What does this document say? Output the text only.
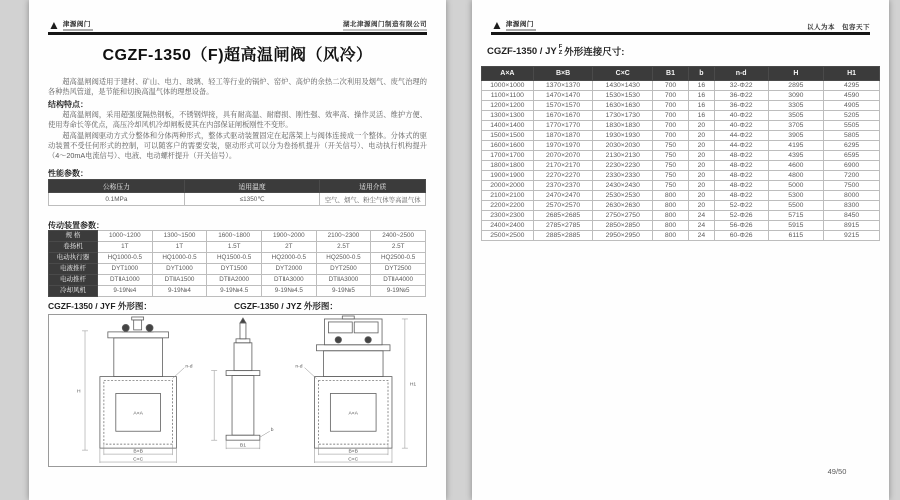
▲ 津源阀门	湖北津源阀门制造有限公司
CGZF-1350（F)超高温闸阀（风冷）
超高温闸阀适用于建材、矿山、电力、玻璃、轻工等行业的锅炉、窑炉、高炉的余热二次利用及烟气、废气治理的各种热风管道，是节能和切换高温气体的理想设备。
结构特点：
超高温闸阀，采用超强度隔热钢板，不锈钢焊接，具有耐高温、耐磨损、刚性强、效率高、操作灵活、维护方便、使用寿命长等优点，高压冷却风机冷却闸板使其在内部保证闸板刚性不变形。
超高温闸阀驱动方式分整体和分体两种形式，整体式驱动装置固定在起落架上与阀体连接成一个整体。分体式的驱动装置不受任何形式的控制，可以随客户的需要安装，驱动形式可以分为卷扬机提升（开关信号）、电动执行机构提升（4～20mA电流信号）、电液、电动螺杆提升（开关信号）。
性能参数：
公称压力	适用温度	适用介质
0.1MPa	≤1350℃	空气、烟气、粉尘气体等高温气体
传动装置参数：
规 格	1000~1200	1300~1500	1600~1800	1900~2000	2100~2300	2400~2500
卷扬机	1T	1T	1.5T	2T	2.5T	2.5T
电动执行器	HQ1000-0.5	HQ1000-0.5	HQ1500-0.5	HQ2000-0.5	HQ2500-0.5	HQ2500-0.5
电液推杆	DYT1000	DYT1000	DYT1500	DYT2000	DYT2500	DYT2500
电动推杆	DTⅡA1000	DTⅡA1500	DTⅡA2000	DTⅡA3000	DTⅡA3000	DTⅡA4000
冷却风机	9-19№4	9-19№4	9-19№4.5	9-19№4.5	9-19№5	9-19№5
CGZF-1350 / JYF 外形图：	CGZF-1350 / JYZ 外形图：
H
A×A
n-d
B×B
C×C
B1
b
A×A
n-d
H1
B×B
C×C
▲ 津源阀门	以人为本　包容天下
CGZF-1350 / JY F
Z 外形连接尺寸:
A×A	B×B	C×C	B1	b	n-d	H	H1
1000×1000	1370×1370	1430×1430	700	16	32-Φ22	2895	4295
1100×1100	1470×1470	1530×1530	700	16	36-Φ22	3090	4590
1200×1200	1570×1570	1630×1630	700	16	36-Φ22	3305	4905
1300×1300	1670×1670	1730×1730	700	16	40-Φ22	3505	5205
1400×1400	1770×1770	1830×1830	700	20	40-Φ22	3705	5505
1500×1500	1870×1870	1930×1930	700	20	44-Φ22	3905	5805
1600×1600	1970×1970	2030×2030	750	20	44-Φ22	4195	6295
1700×1700	2070×2070	2130×2130	750	20	48-Φ22	4395	6595
1800×1800	2170×2170	2230×2230	750	20	48-Φ22	4600	6900
1900×1900	2270×2270	2330×2330	750	20	48-Φ22	4800	7200
2000×2000	2370×2370	2430×2430	750	20	48-Φ22	5000	7500
2100×2100	2470×2470	2530×2530	800	20	48-Φ22	5300	8000
2200×2200	2570×2570	2630×2630	800	20	52-Φ22	5500	8300
2300×2300	2685×2685	2750×2750	800	24	52-Φ26	5715	8450
2400×2400	2785×2785	2850×2850	800	24	56-Φ26	5915	8915
2500×2500	2885×2885	2950×2950	800	24	60-Φ26	6115	9215
49/50
